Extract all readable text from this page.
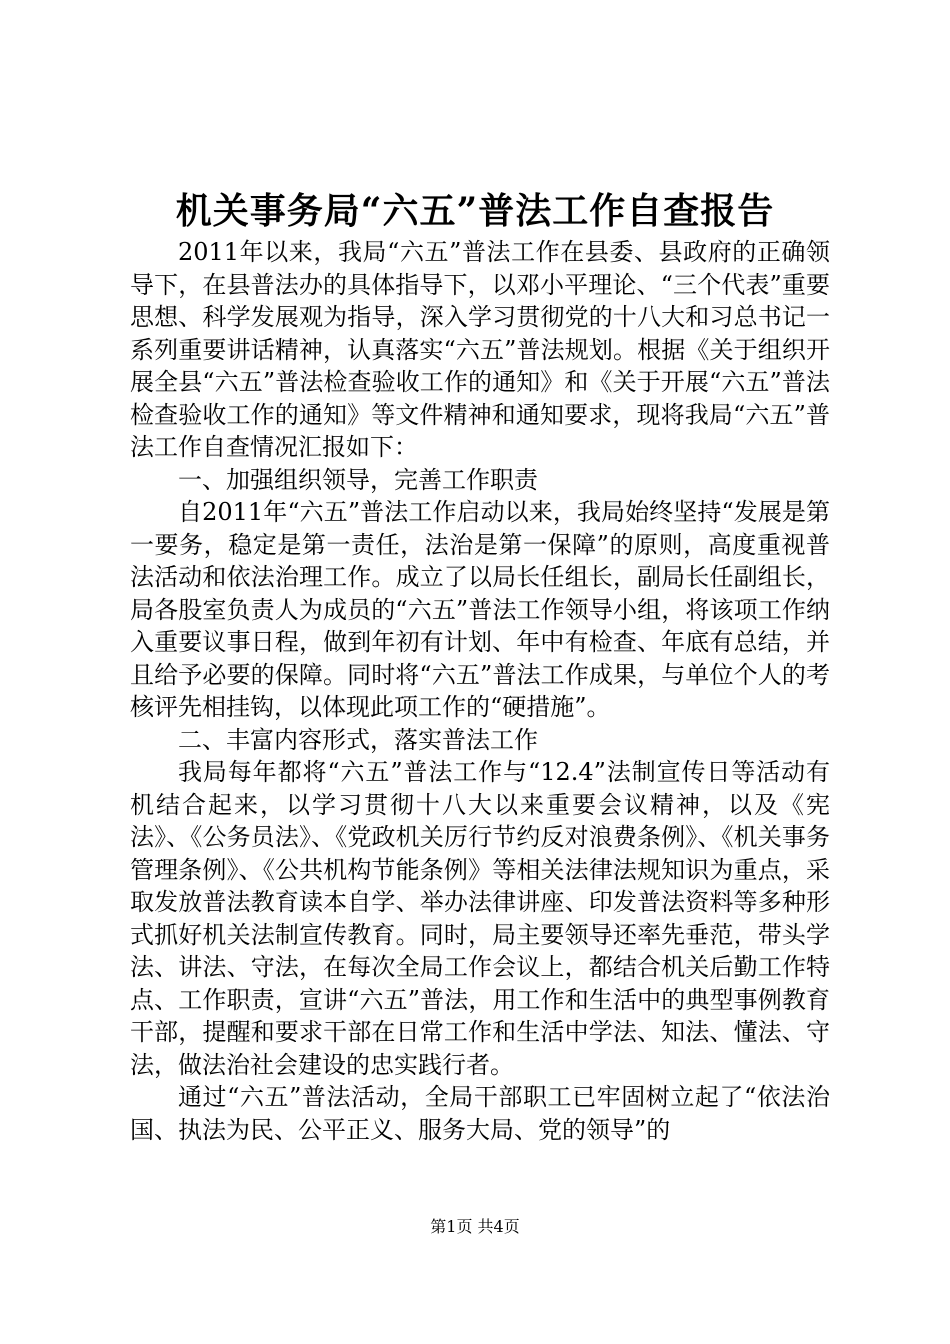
机关事务局“六五”普法工作自查报告

2011年以来，我局“六五”普法工作在县委、县政府的正确领导下，在县普法办的具体指导下，以邓小平理论、“三个代表”重要思想、科学发展观为指导，深入学习贯彻党的十八大和习总书记一系列重要讲话精神，认真落实“六五”普法规划。根据《关于组织开展全县“六五”普法检查验收工作的通知》和《关于开展“六五”普法检查验收工作的通知》等文件精神和通知要求，现将我局“六五”普法工作自查情况汇报如下：

一、加强组织领导，完善工作职责

自2011年“六五”普法工作启动以来，我局始终坚持“发展是第一要务，稳定是第一责任，法治是第一保障”的原则，高度重视普法活动和依法治理工作。成立了以局长任组长，副局长任副组长，局各股室负责人为成员的“六五”普法工作领导小组，将该项工作纳入重要议事日程，做到年初有计划、年中有检查、年底有总结，并且给予必要的保障。同时将“六五”普法工作成果，与单位个人的考核评先相挂钩，以体现此项工作的“硬措施”。

二、丰富内容形式，落实普法工作

我局每年都将“六五”普法工作与“12.4”法制宣传日等活动有机结合起来，以学习贯彻十八大以来重要会议精神，以及《宪法》、《公务员法》、《党政机关厉行节约反对浪费条例》、《机关事务管理条例》、《公共机构节能条例》等相关法律法规知识为重点，采取发放普法教育读本自学、举办法律讲座、印发普法资料等多种形式抓好机关法制宣传教育。同时，局主要领导还率先垂范，带头学法、讲法、守法，在每次全局工作会议上，都结合机关后勤工作特点、工作职责，宣讲“六五”普法，用工作和生活中的典型事例教育干部，提醒和要求干部在日常工作和生活中学法、知法、懂法、守法，做法治社会建设的忠实践行者。

通过“六五”普法活动，全局干部职工已牢固树立起了“依法治国、执法为民、公平正义、服务大局、党的领导”的

第1页 共4页
